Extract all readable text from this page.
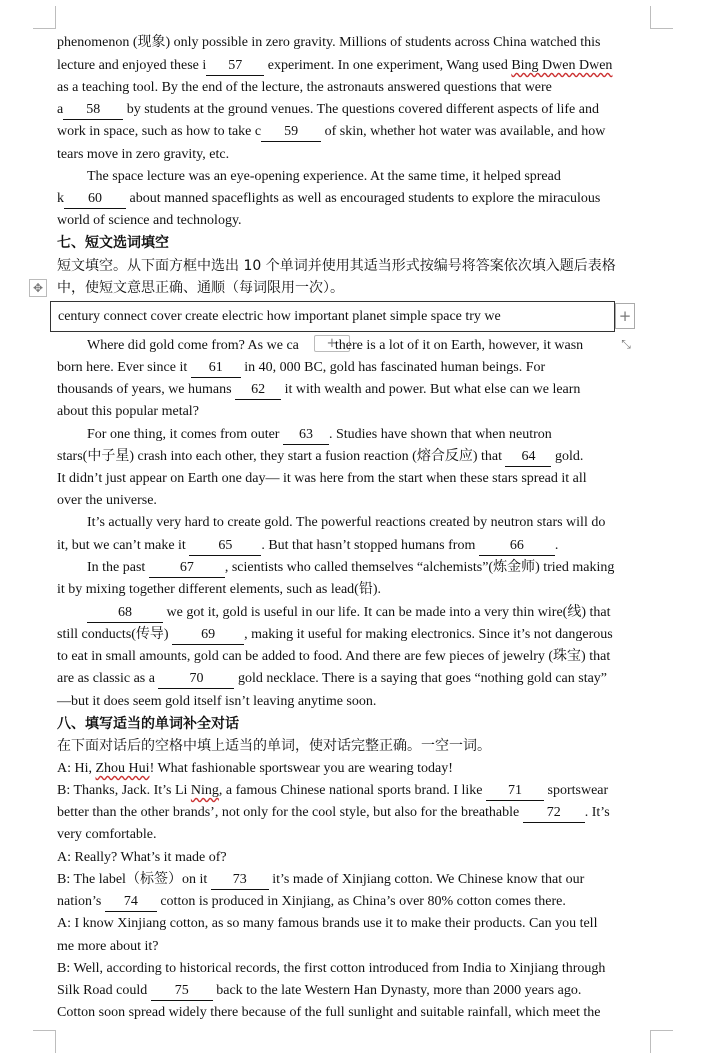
✥
century connect cover create electric how important planet simple space try we	+
+	⤡
phenomenon (现象) only possible in zero gravity. Millions of students across China watched this
lecture and enjoyed these i 57 experiment. In one experiment, Wang used Bing Dwen Dwen
as a teaching tool. By the end of the lecture, the astronauts answered questions that were
a 58 by students at the ground venues. The questions covered different aspects of life and
work in space, such as how to take c 59 of skin, whether hot water was available, and how
tears move in zero gravity, etc.
The space lecture was an eye-opening experience. At the same time, it helped spread
k 60 about manned spaceflights as well as encouraged students to explore the miraculous
world of science and technology.
七、短文选词填空
短文填空。从下面方框中选出 10 个单词并使用其适当形式按编号将答案依次填入题后表格
中，使短文意思正确、通顺（每词限用一次）。
Where did gold come from? As we ca	there is a lot of it on Earth, however, it wasn
born here. Ever since it 61 in 40, 000 BC, gold has fascinated human beings. For
thousands of years, we humans 62 it with wealth and power. But what else can we learn
about this popular metal?
For one thing, it comes from outer 63 . Studies have shown that when neutron
stars(中子星) crash into each other, they start a fusion reaction (熔合反应) that 64 gold.
It didn’t just appear on Earth one day— it was here from the start when these stars spread it all
over the universe.
It’s actually very hard to create gold. The powerful reactions created by neutron stars will do
it, but we can’t make it 65 . But that hasn’t stopped humans from 66 .
In the past 67 , scientists who called themselves “alchemists”(炼金师) tried making
it by mixing together different elements, such as lead(铅).
68 we got it, gold is useful in our life. It can be made into a very thin wire(线) that
still conducts(传导) 69 , making it useful for making electronics. Since it’s not dangerous
to eat in small amounts, gold can be added to food. And there are few pieces of jewelry (珠宝) that
are as classic as a 70 gold necklace. There is a saying that goes “nothing gold can stay”
—but it does seem gold itself isn’t leaving anytime soon.
八、填写适当的单词补全对话
在下面对话后的空格中填上适当的单词，使对话完整正确。一空一词。
A: Hi, Zhou Hui! What fashionable sportswear you are wearing today!
B: Thanks, Jack. It’s Li Ning, a famous Chinese national sports brand. I like 71 sportswear
better than the other brands’, not only for the cool style, but also for the breathable 72 . It’s
very comfortable.
A: Really? What’s it made of?
B: The label（标签）on it 73 it’s made of Xinjiang cotton. We Chinese know that our
nation’s 74 cotton is produced in Xinjiang, as China’s over 80% cotton comes there.
A: I know Xinjiang cotton, as so many famous brands use it to make their products. Can you tell
me more about it?
B: Well, according to historical records, the first cotton introduced from India to Xinjiang through
Silk Road could 75 back to the late Western Han Dynasty, more than 2000 years ago.
Cotton soon spread widely there because of the full sunlight and suitable rainfall, which meet the
